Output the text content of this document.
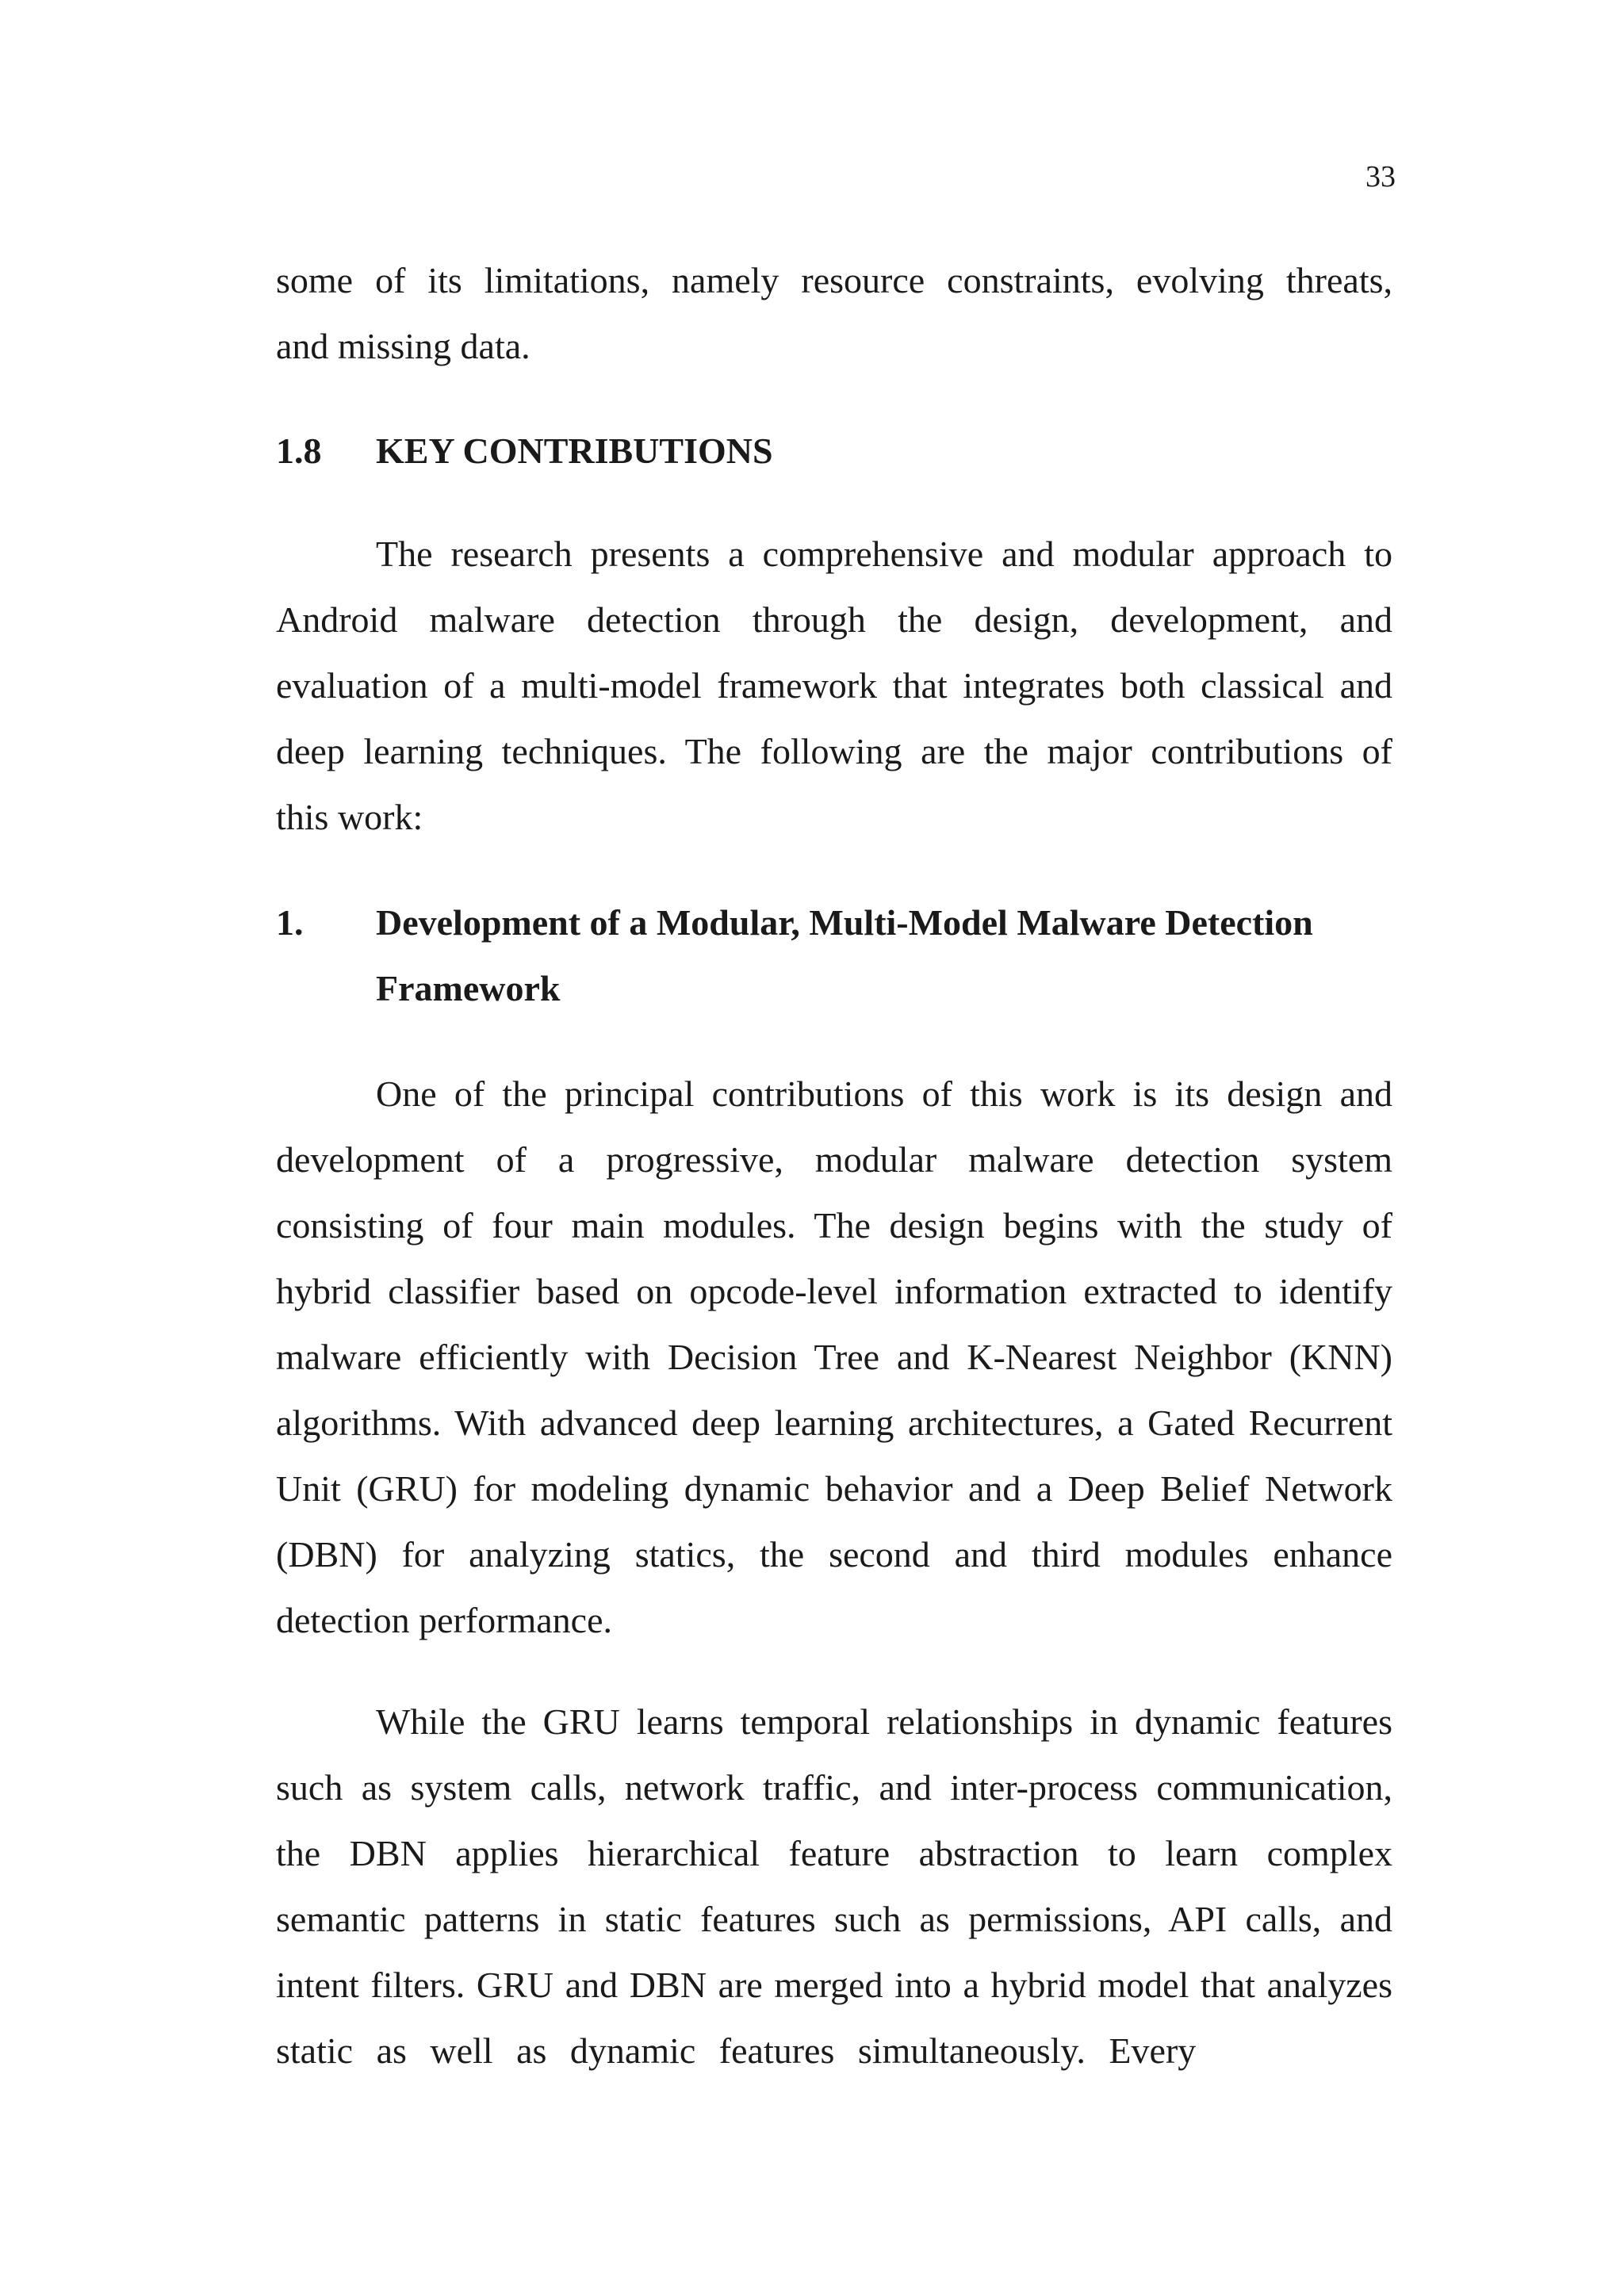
33
some of its limitations, namely resource constraints, evolving threats,
and missing data.
1.8 KEY CONTRIBUTIONS
The research presents a comprehensive and modular approach to
Android malware detection through the design, development, and
evaluation of a multi-model framework that integrates both classical and
deep learning techniques. The following are the major contributions of
this work:
1. Development of a Modular, Multi-Model Malware Detection
Framework
One of the principal contributions of this work is its design and
development of a progressive, modular malware detection system
consisting of four main modules. The design begins with the study of
hybrid classifier based on opcode-level information extracted to identify
malware efficiently with Decision Tree and K-Nearest Neighbor (KNN)
algorithms. With advanced deep learning architectures, a Gated Recurrent
Unit (GRU) for modeling dynamic behavior and a Deep Belief Network
(DBN) for analyzing statics, the second and third modules enhance
detection performance.
While the GRU learns temporal relationships in dynamic features
such as system calls, network traffic, and inter-process communication,
the DBN applies hierarchical feature abstraction to learn complex
semantic patterns in static features such as permissions, API calls, and
intent filters. GRU and DBN are merged into a hybrid model that analyzes
static as well as dynamic features simultaneously. Every
